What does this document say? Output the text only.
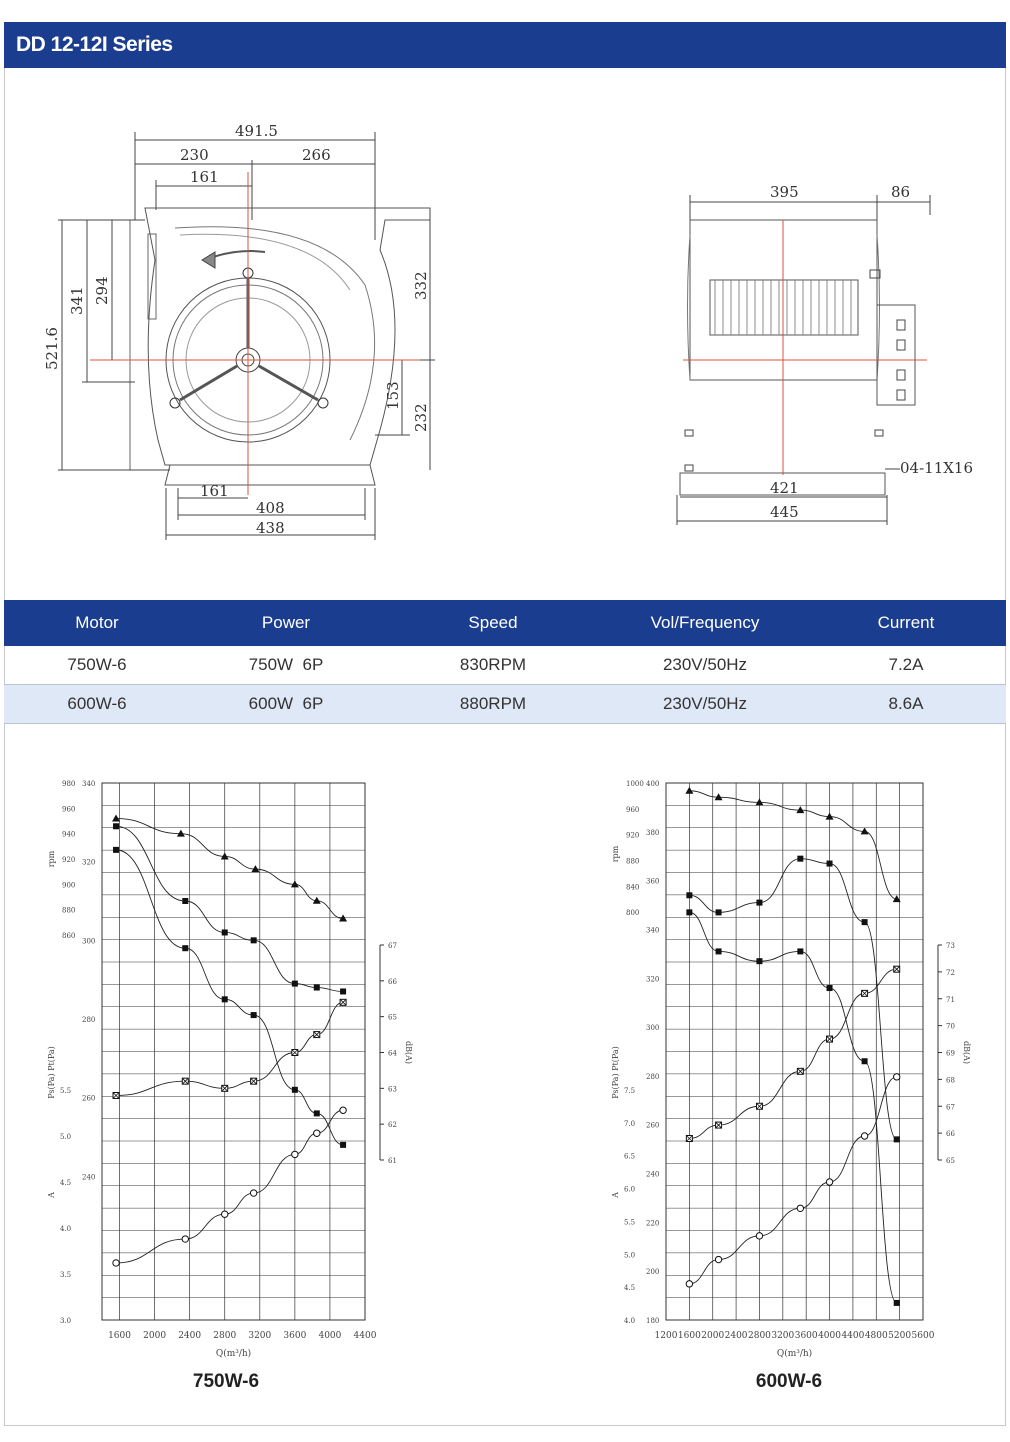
DD 12-12I Series
491.5
230	266
161
521.6
341 294	332
153
232
161
408
438
395	86
421
445
04-11X16
Motor	Power	Speed	Vol/Frequency	Current
750W-6	750W  6P	830RPM	230V/50Hz	7.2A
600W-6	600W  6P	880RPM	230V/50Hz	8.6A
1600 2000 2400 2800 3200 3600 4000 4400
Q(m³/h)
980
960
940
920
900
880
860
340
320
300
280
260
240
5.5
5.0
4.5
4.0
3.5
3.0
67
66
65
64
63
62
61
rpm
Ps(Pa) Pt(Pa)
A
dB(A)
1200 1600 2000 2400 2800 3200 3600 4000 4400 4800 5200 5600
Q(m³/h)
1000
960
920
880
840
800
400
380
360
340
320
300
280
260
240
220
200
180
7.5
7.0
6.5
6.0
5.5
5.0
4.5
4.0
73
72
71
70
69
68
67
66
65
rpm
Ps(Pa) Pt(Pa)
A
dB(A)
750W-6	600W-6
